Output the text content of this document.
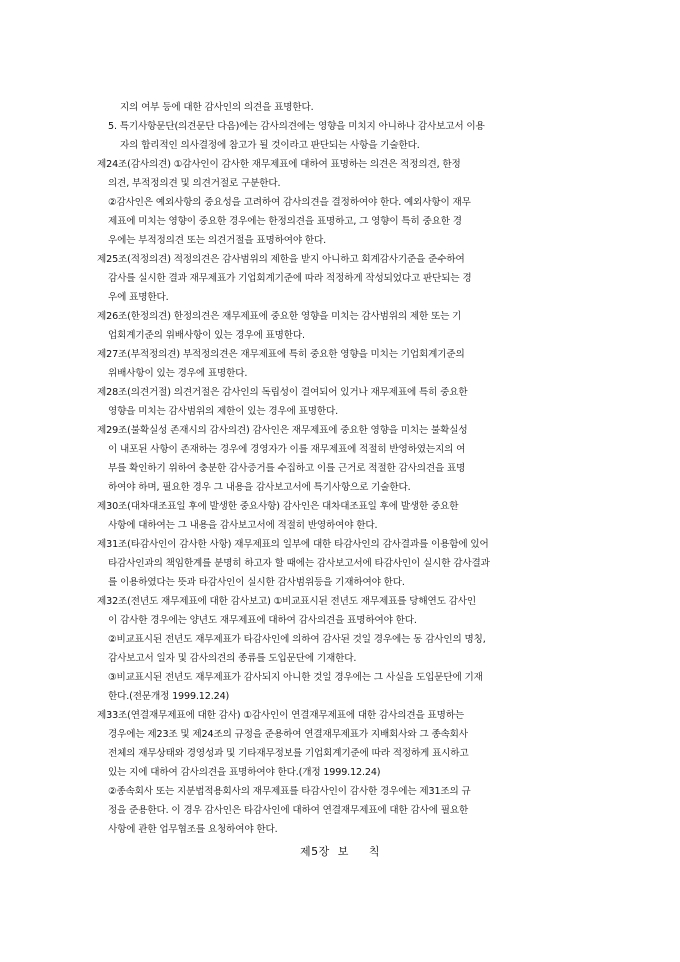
지의 여부 등에 대한 감사인의 의견을 표명한다.
5. 특기사항문단(의견문단 다음)에는 감사의견에는 영향을 미치지 아니하나 감사보고서 이용
자의 합리적인 의사결정에 참고가 될 것이라고 판단되는 사항을 기술한다.
제24조(감사의견) ①감사인이 감사한 재무제표에 대하여 표명하는 의견은 적정의견, 한정
의견, 부적정의견 및 의견거절로 구분한다.
②감사인은 예외사항의 중요성을 고려하여 감사의견을 결정하여야 한다. 예외사항이 재무
제표에 미치는 영향이 중요한 경우에는 한정의견을 표명하고, 그 영향이 특히 중요한 경
우에는 부적정의견 또는 의견거절을 표명하여야 한다.
제25조(적정의견) 적정의견은 감사범위의 제한을 받지 아니하고 회계감사기준을 준수하여
감사를 실시한 결과 재무제표가 기업회계기준에 따라 적정하게 작성되었다고 판단되는 경
우에 표명한다.
제26조(한정의견) 한정의견은 재무제표에 중요한 영향을 미치는 감사범위의 제한 또는 기
업회계기준의 위배사항이 있는 경우에 표명한다.
제27조(부적정의견) 부적정의견은 재무제표에 특히 중요한 영향을 미치는 기업회계기준의
위배사항이 있는 경우에 표명한다.
제28조(의견거절) 의견거절은 감사인의 독립성이 결여되어 있거나 재무제표에 특히 중요한
영향을 미치는 감사범위의 제한이 있는 경우에 표명한다.
제29조(불확실성 존재시의 감사의견) 감사인은 재무제표에 중요한 영향을 미치는 불확실성
이 내포된 사항이 존재하는 경우에 경영자가 이를 재무제표에 적절히 반영하였는지의 여
부를 확인하기 위하여 충분한 감사증거를 수집하고 이를 근거로 적절한 감사의견을 표명
하여야 하며, 필요한 경우 그 내용을 감사보고서에 특기사항으로 기술한다.
제30조(대차대조표일 후에 발생한 중요사항) 감사인은 대차대조표일 후에 발생한 중요한
사항에 대하여는 그 내용을 감사보고서에 적절히 반영하여야 한다.
제31조(타감사인이 감사한 사항) 재무제표의 일부에 대한 타감사인의 감사결과를 이용함에 있어
타감사인과의 책임한계를 분명히 하고자 할 때에는 감사보고서에 타감사인이 실시한 감사결과
를 이용하였다는 뜻과 타감사인이 실시한 감사범위등을 기재하여야 한다.
제32조(전년도 재무제표에 대한 감사보고) ①비교표시된 전년도 재무제표를 당해연도 감사인
이 감사한 경우에는 양년도 재무제표에 대하여 감사의견을 표명하여야 한다.
②비교표시된 전년도 재무제표가 타감사인에 의하여 감사된 것일 경우에는 동 감사인의 명칭,
감사보고서 일자 및 감사의견의 종류를 도입문단에 기재한다.
③비교표시된 전년도 재무제표가 감사되지 아니한 것일 경우에는 그 사실을 도입문단에 기재
한다.(전문개정 1999.12.24)
제33조(연결재무제표에 대한 감사) ①감사인이 연결재무제표에 대한 감사의견을 표명하는
경우에는 제23조 및 제24조의 규정을 준용하여 연결재무제표가 지배회사와 그 종속회사
전체의 재무상태와 경영성과 및 기타재무정보를 기업회계기준에 따라 적정하게 표시하고
있는 지에 대하여 감사의견을 표명하여야 한다.(개정 1999.12.24)
②종속회사 또는 지분법적용회사의 재무제표를 타감사인이 감사한 경우에는 제31조의 규
정을 준용한다. 이 경우 감사인은 타감사인에 대하여 연결재무제표에 대한 감사에 필요한
사항에 관한 업무협조를 요청하여야 한다.
제5장  보     칙
